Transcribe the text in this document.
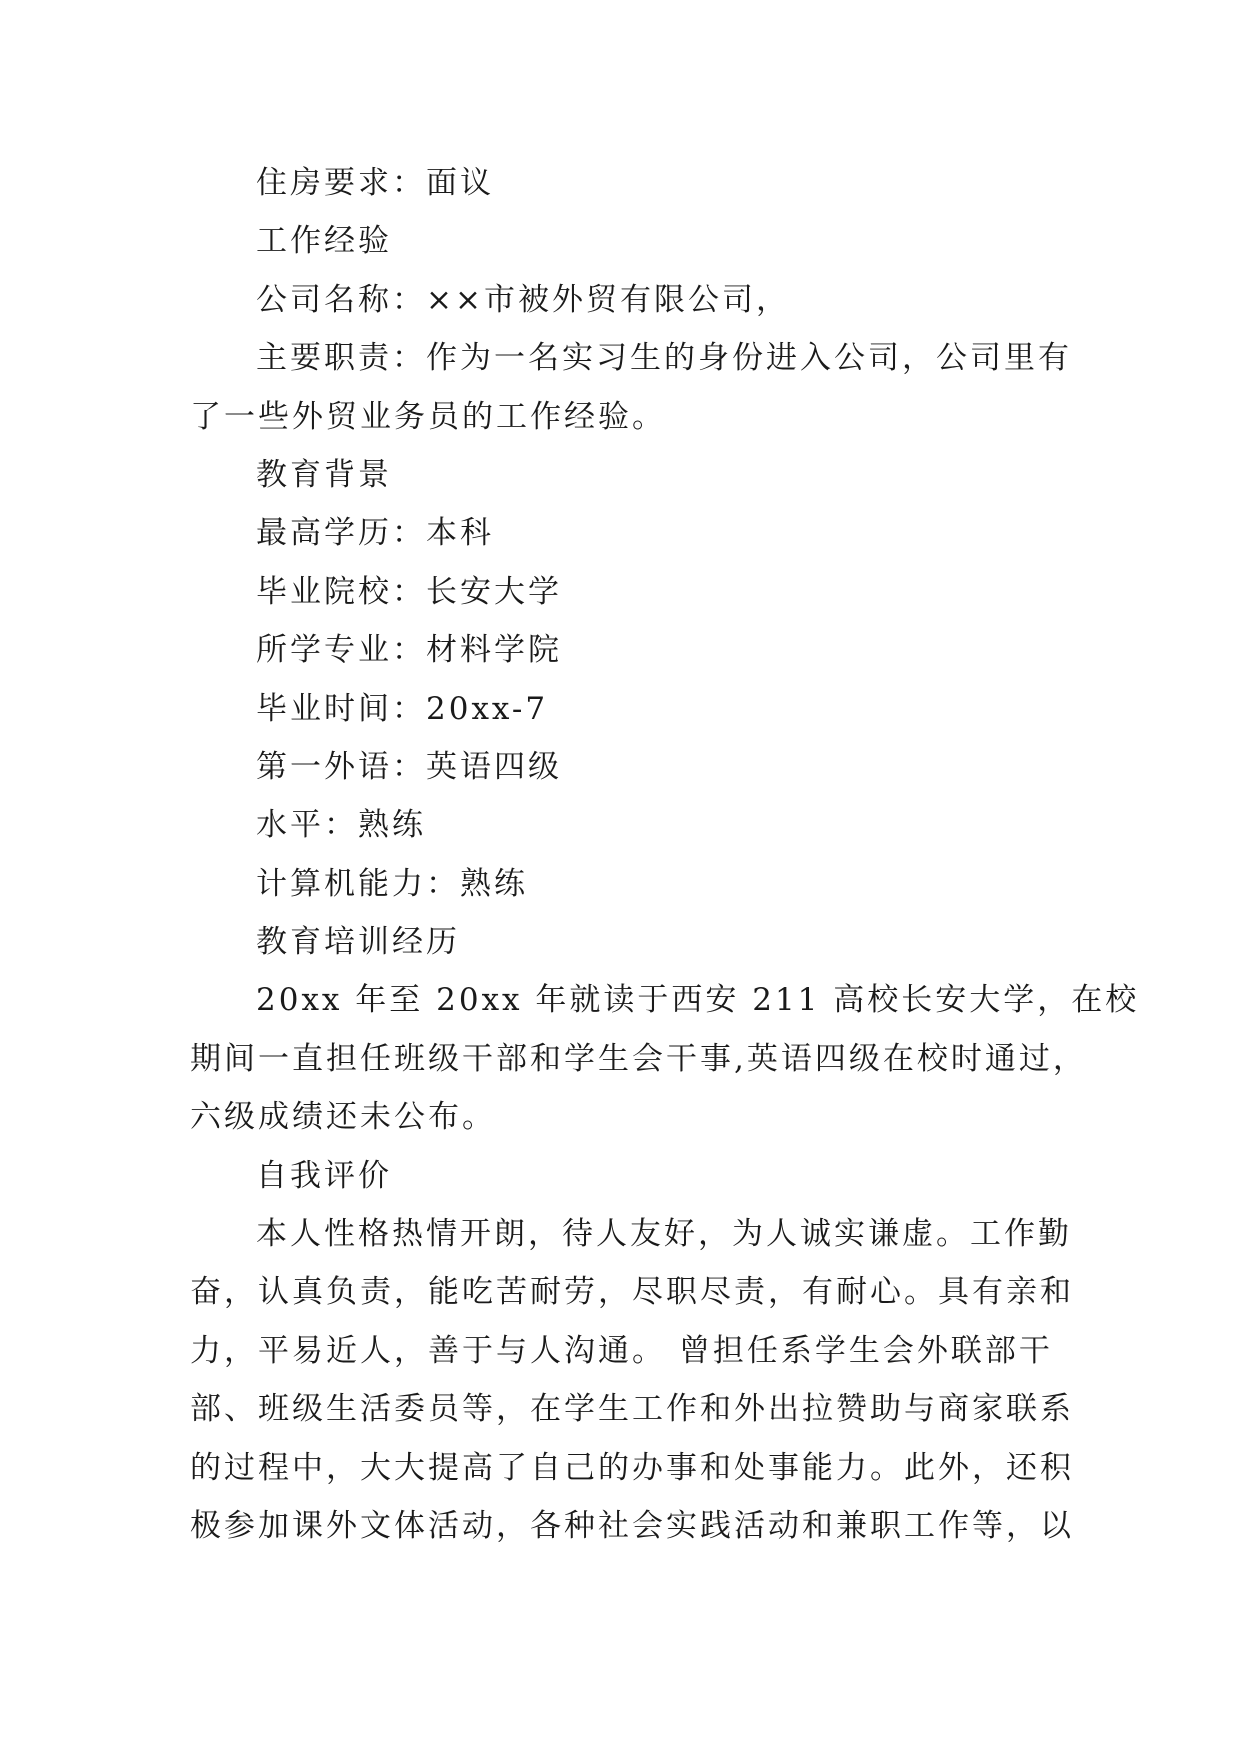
住房要求：面议
工作经验
公司名称：××市被外贸有限公司，
主要职责：作为一名实习生的身份进入公司，公司里有
了一些外贸业务员的工作经验。
教育背景
最高学历：本科
毕业院校：长安大学
所学专业：材料学院
毕业时间：20xx-7
第一外语：英语四级
水平：熟练
计算机能力：熟练
教育培训经历
20xx 年至 20xx 年就读于西安 211 高校长安大学，在校
期间一直担任班级干部和学生会干事,英语四级在校时通过，
六级成绩还未公布。
自我评价
本人性格热情开朗，待人友好，为人诚实谦虚。工作勤
奋，认真负责，能吃苦耐劳，尽职尽责，有耐心。具有亲和
力，平易近人，善于与人沟通。 曾担任系学生会外联部干
部、班级生活委员等，在学生工作和外出拉赞助与商家联系
的过程中，大大提高了自己的办事和处事能力。此外，还积
极参加课外文体活动，各种社会实践活动和兼职工作等，以
